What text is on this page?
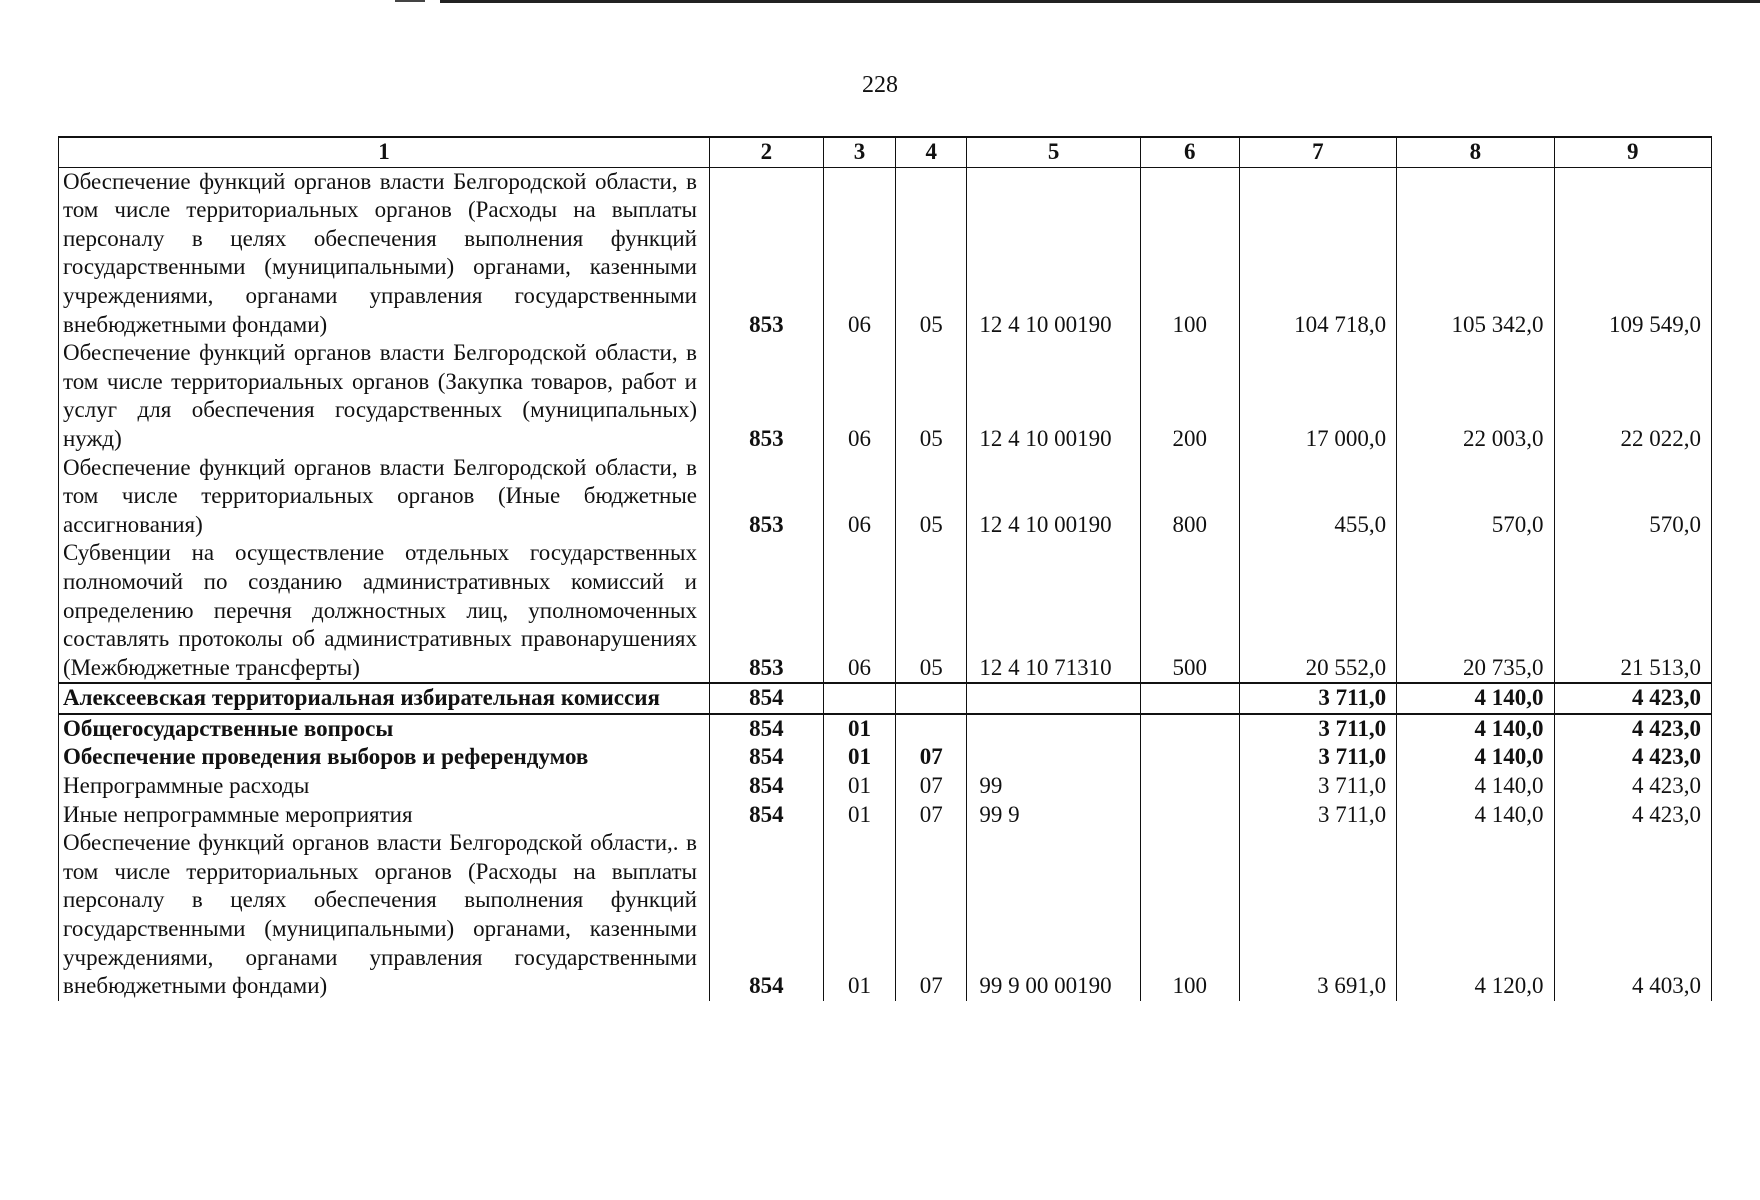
228
1	2	3	4	5	6	7	8	9
Обеспечение функций органов власти Белгородской области, в том числе территориальных органов (Расходы на выплаты персоналу в целях обеспечения выполнения функций государственными (муниципальными) органами, казенными учреждениями, органами управления государственными внебюджетными фондами)	853	06	05	12 4 10 00190	100	104 718,0	105 342,0	109 549,0
Обеспечение функций органов власти Белгородской области, в том числе территориальных органов (Закупка товаров, работ и услуг для обеспечения государственных (муниципальных) нужд)	853	06	05	12 4 10 00190	200	17 000,0	22 003,0	22 022,0
Обеспечение функций органов власти Белгородской области, в том числе территориальных органов (Иные бюджетные ассигнования)	853	06	05	12 4 10 00190	800	455,0	570,0	570,0
Субвенции на осуществление отдельных государственных полномочий по созданию административных комиссий и определению перечня должностных лиц, уполномоченных составлять протоколы об административных правонарушениях (Межбюджетные трансферты)	853	06	05	12 4 10 71310	500	20 552,0	20 735,0	21 513,0
Алексеевская территориальная избирательная комиссия	854					3 711,0	4 140,0	4 423,0
Общегосударственные вопросы	854	01				3 711,0	4 140,0	4 423,0
Обеспечение проведения выборов и референдумов	854	01	07			3 711,0	4 140,0	4 423,0
Непрограммные расходы	854	01	07	99		3 711,0	4 140,0	4 423,0
Иные непрограммные мероприятия	854	01	07	99 9		3 711,0	4 140,0	4 423,0
Обеспечение функций органов власти Белгородской области,. в том числе территориальных органов (Расходы на выплаты персоналу в целях обеспечения выполнения функций государственными (муниципальными) органами, казенными учреждениями, органами управления государственными внебюджетными фондами)	854	01	07	99 9 00 00190	100	3 691,0	4 120,0	4 403,0
